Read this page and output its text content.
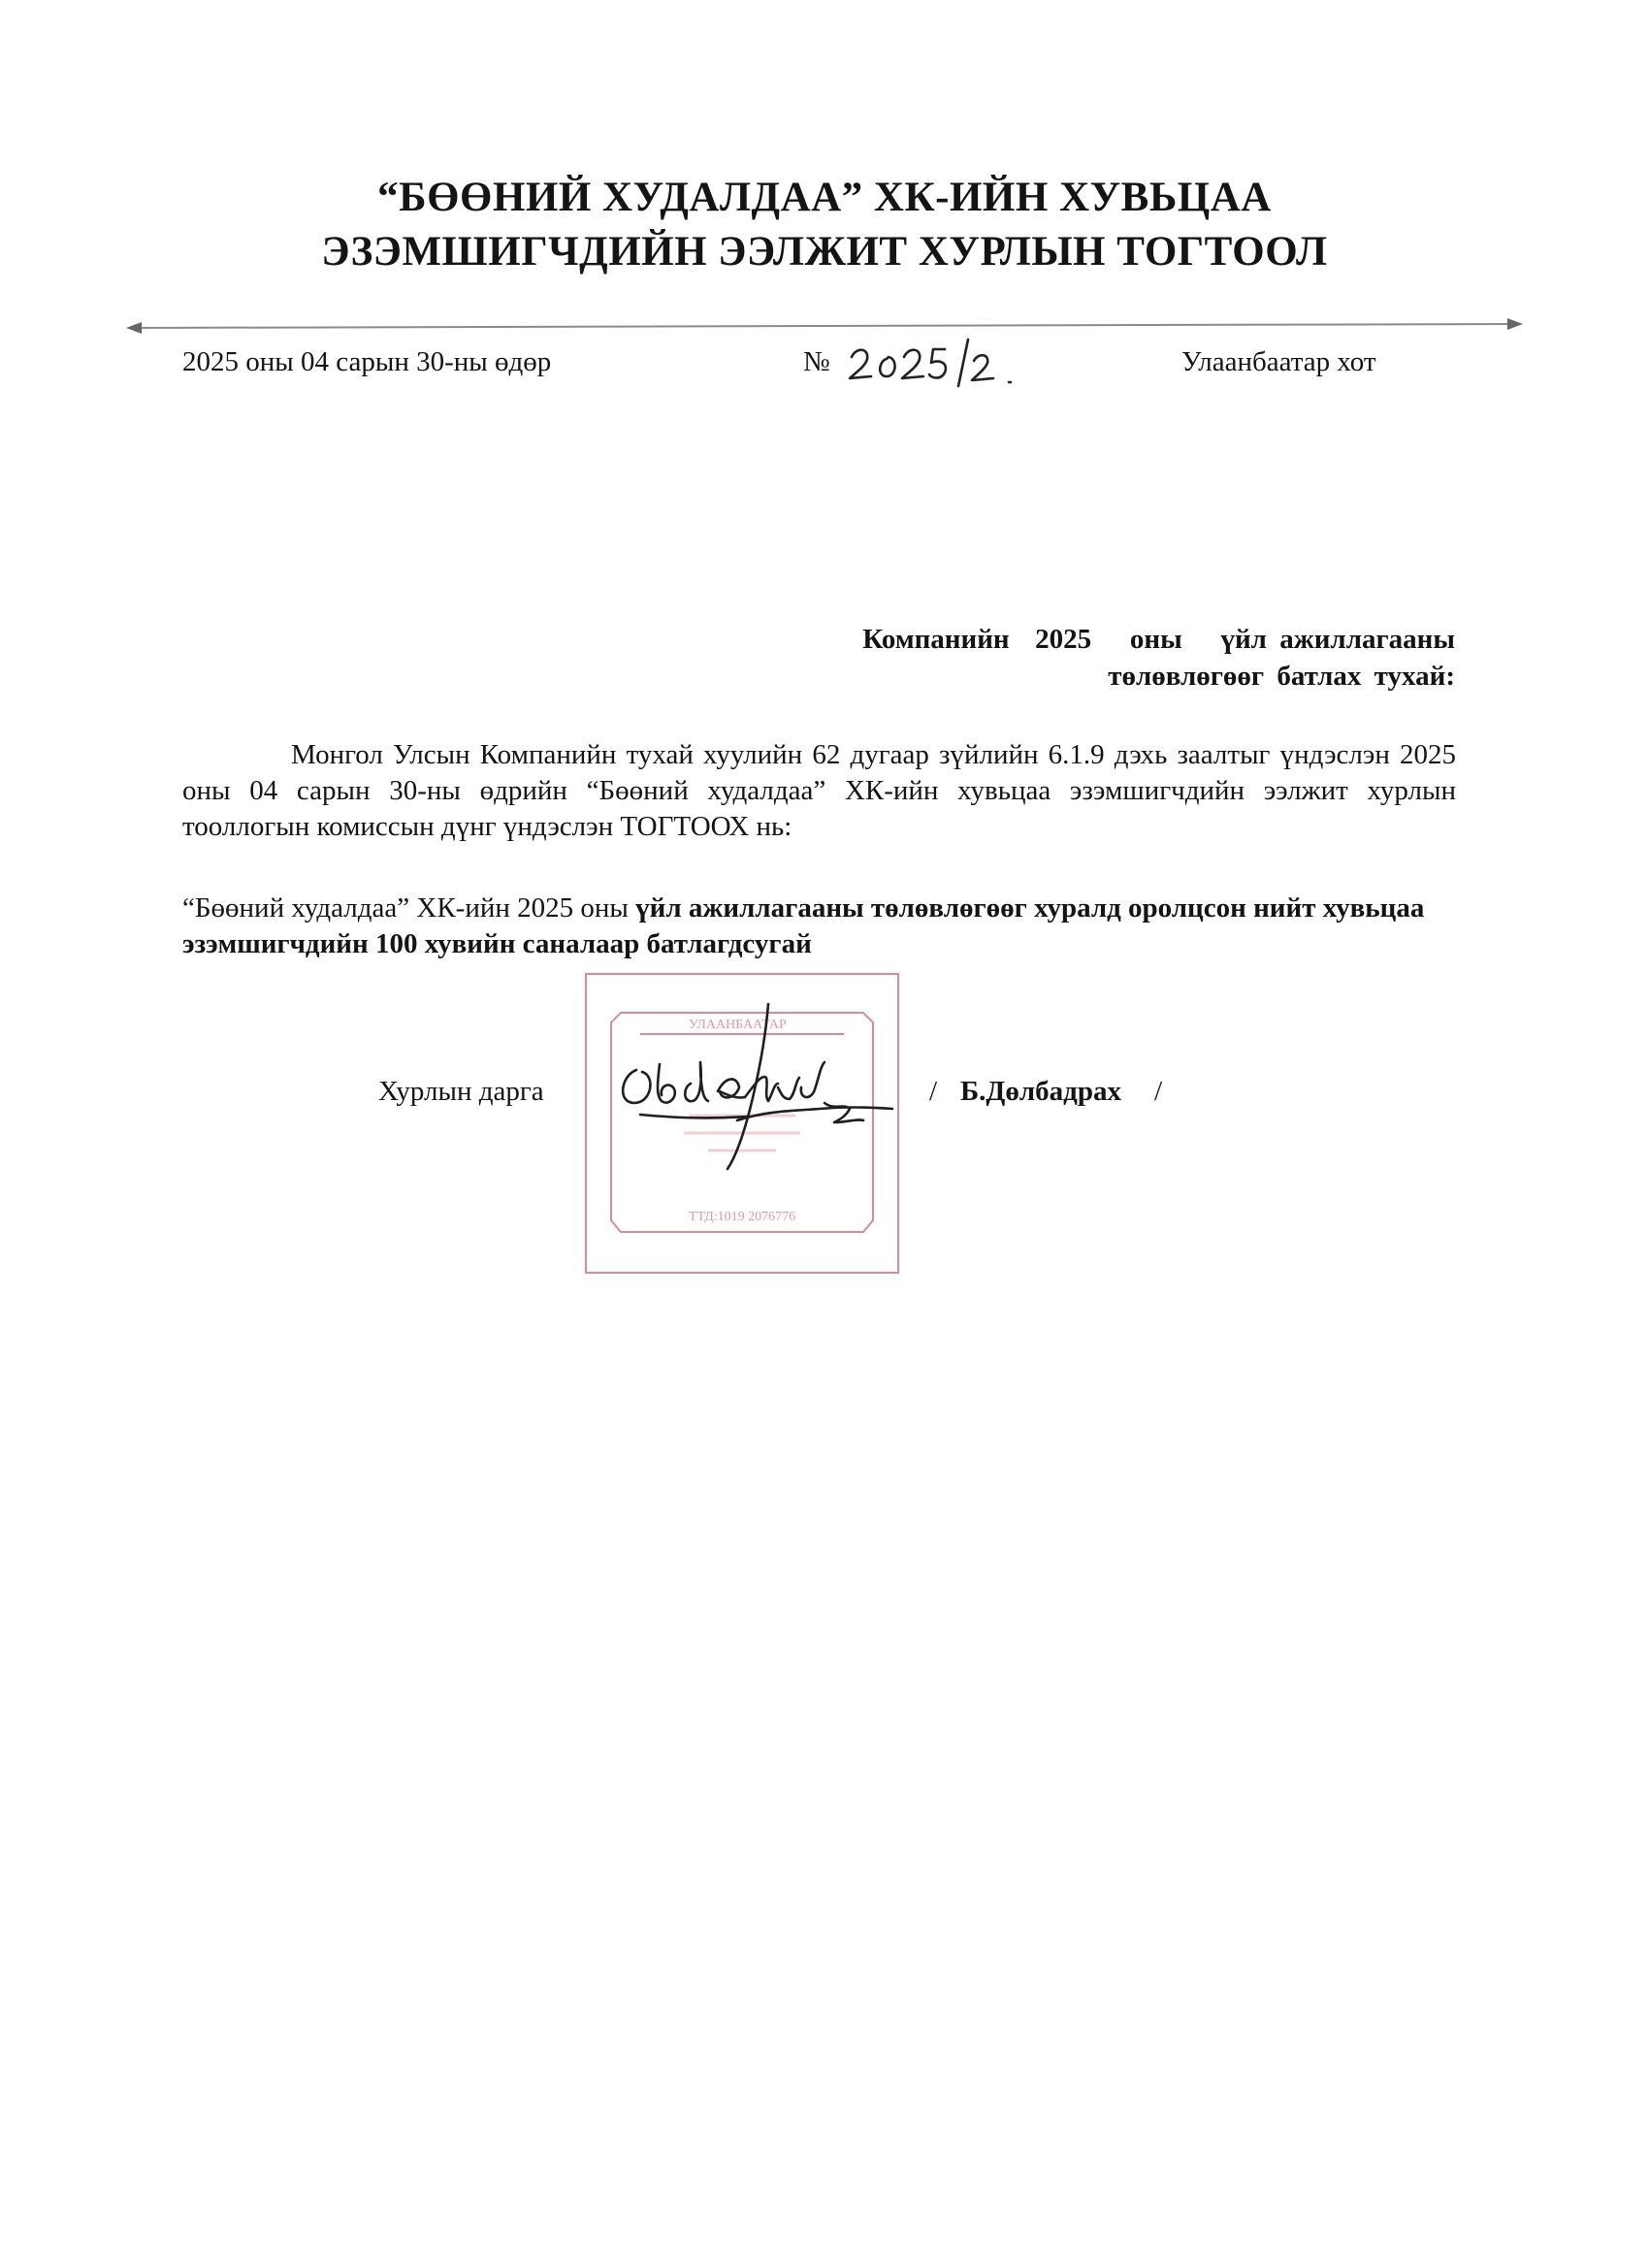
“БӨӨНИЙ ХУДАЛДАА” ХК-ИЙН ХУВЬЦАА
ЭЗЭМШИГЧДИЙН ЭЭЛЖИТ ХУРЛЫН ТОГТООЛ
2025 оны 04 сарын 30-ны өдөр	№	Улаанбаатар хот
Компанийн  2025   оны   үйл ажиллагааны
төлөвлөгөөг батлах тухай:
Монгол Улсын Компанийн тухай хуулийн 62 дугаар зүйлийн 6.1.9 дэхь заалтыг үндэслэн 2025 оны 04 сарын 30-ны өдрийн “Бөөний худалдаа” ХК-ийн хувьцаа эзэмшигчдийн ээлжит хурлын тооллогын комиссын дүнг үндэслэн ТОГТООХ нь:
“Бөөний худалдаа” ХК-ийн 2025 оны үйл ажиллагааны төлөвлөгөөг хуралд оролцсон нийт хувьцаа эзэмшигчдийн 100 хувийн саналаар батлагдсугай
УЛААНБААТАР
ТТД:1019 2076776
Хурлын дарга	/ Б.Дөлбадрах /
